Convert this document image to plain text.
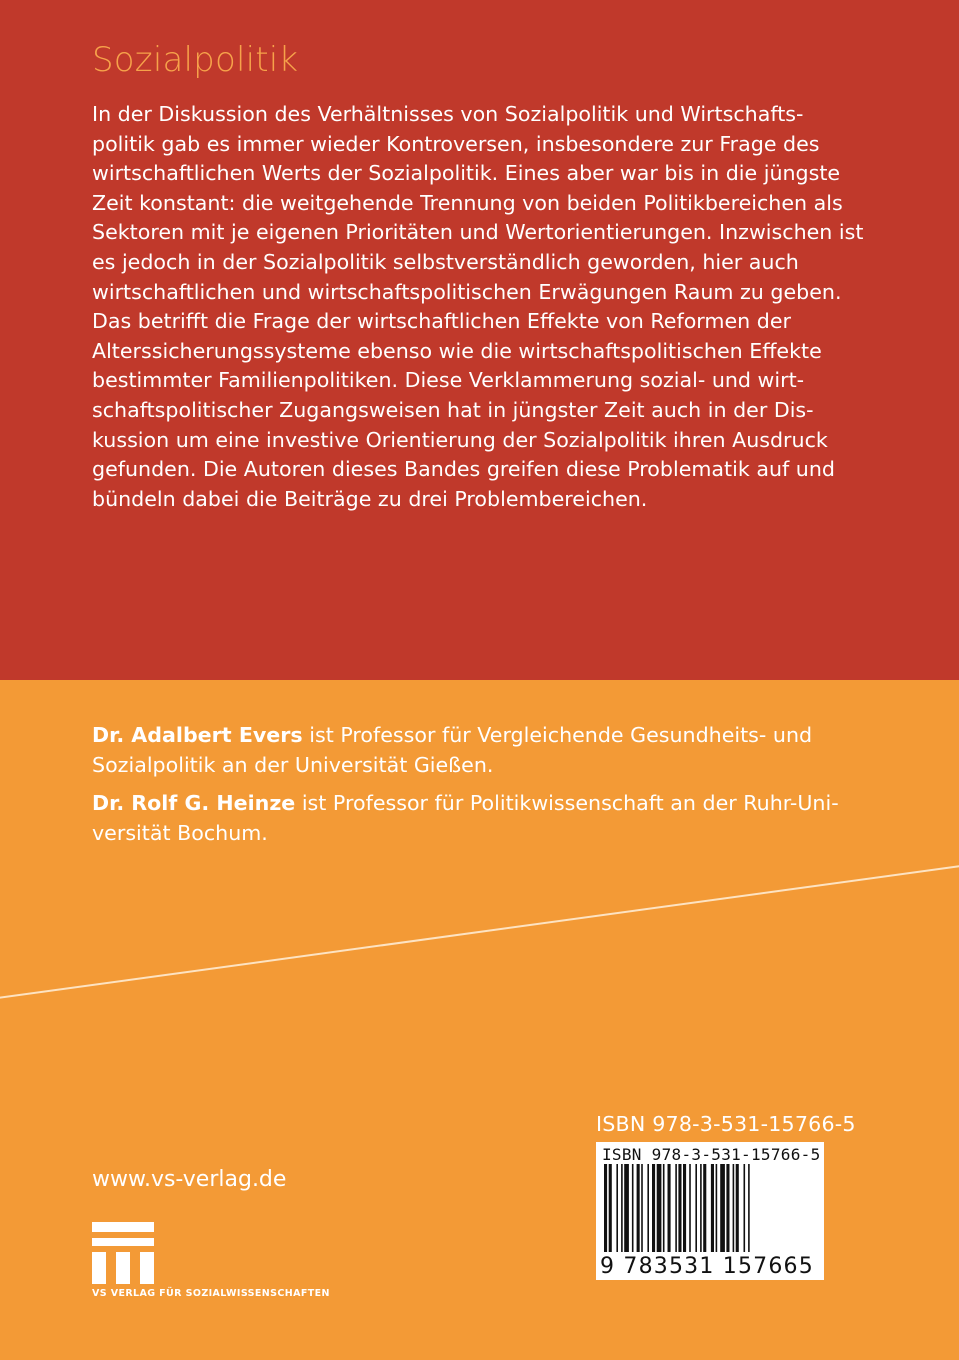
Sozialpolitik

In der Diskussion des Verhältnisses von Sozialpolitik und Wirtschafts- politik gab es immer wieder Kontroversen, insbesondere zur Frage des wirtschaftlichen Werts der Sozialpolitik. Eines aber war bis in die jüngste Zeit konstant: die weitgehende Trennung von beiden Politikbereichen als Sektoren mit je eigenen Prioritäten und Wertorientierungen. Inzwischen ist es jedoch in der Sozialpolitik selbstverständlich geworden, hier auch wirtschaftlichen und wirtschaftspolitischen Erwägungen Raum zu geben. Das betrifft die Frage der wirtschaftlichen Effekte von Reformen der Alterssicherungssysteme ebenso wie die wirtschaftspolitischen Effekte bestimmter Familienpolitiken. Diese Verklammerung sozial- und wirt- schaftspolitischer Zugangsweisen hat in jüngster Zeit auch in der Dis- kussion um eine investive Orientierung der Sozialpolitik ihren Ausdruck gefunden. Die Autoren dieses Bandes greifen diese Problematik auf und bündeln dabei die Beiträge zu drei Problembereichen.

Dr. Adalbert Evers ist Professor für Vergleichende Gesundheits- und Sozialpolitik an der Universität Gießen.

Dr. Rolf G. Heinze ist Professor für Politikwissenschaft an der Ruhr-Uni- versität Bochum.

ISBN 978-3-531-15766-5
ISBN 978-3-531-15766-5
9 783531 157665
www.vs-verlag.de
VS VERLAG FÜR SOZIALWISSENSCHAFTEN
